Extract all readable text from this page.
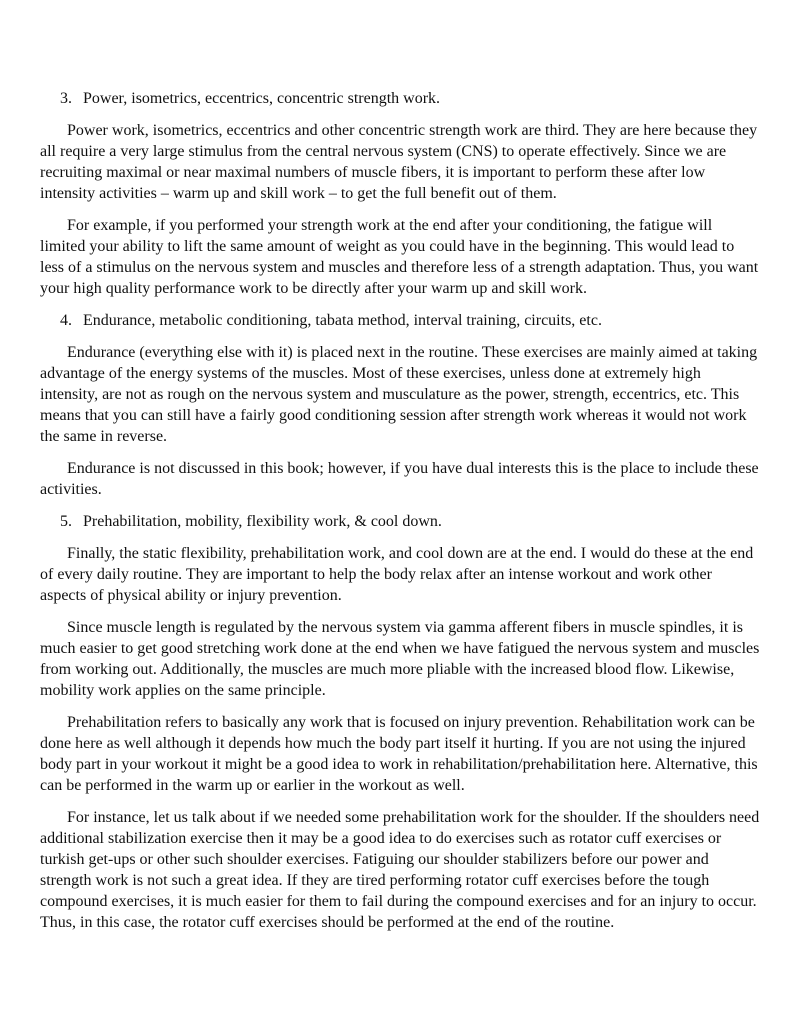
3. Power, isometrics, eccentrics, concentric strength work.

Power work, isometrics, eccentrics and other concentric strength work are third. They are here because they all require a very large stimulus from the central nervous system (CNS) to operate effectively. Since we are recruiting maximal or near maximal numbers of muscle fibers, it is important to perform these after low intensity activities – warm up and skill work – to get the full benefit out of them.

For example, if you performed your strength work at the end after your conditioning, the fatigue will limited your ability to lift the same amount of weight as you could have in the beginning. This would lead to less of a stimulus on the nervous system and muscles and therefore less of a strength adaptation. Thus, you want your high quality performance work to be directly after your warm up and skill work.

4. Endurance, metabolic conditioning, tabata method, interval training, circuits, etc.

Endurance (everything else with it) is placed next in the routine. These exercises are mainly aimed at taking advantage of the energy systems of the muscles. Most of these exercises, unless done at extremely high intensity, are not as rough on the nervous system and musculature as the power, strength, eccentrics, etc. This means that you can still have a fairly good conditioning session after strength work whereas it would not work the same in reverse.

Endurance is not discussed in this book; however, if you have dual interests this is the place to include these activities.

5. Prehabilitation, mobility, flexibility work, & cool down.

Finally, the static flexibility, prehabilitation work, and cool down are at the end. I would do these at the end of every daily routine. They are important to help the body relax after an intense workout and work other aspects of physical ability or injury prevention.

Since muscle length is regulated by the nervous system via gamma afferent fibers in muscle spindles, it is much easier to get good stretching work done at the end when we have fatigued the nervous system and muscles from working out. Additionally, the muscles are much more pliable with the increased blood flow. Likewise, mobility work applies on the same principle.

Prehabilitation refers to basically any work that is focused on injury prevention. Rehabilitation work can be done here as well although it depends how much the body part itself it hurting. If you are not using the injured body part in your workout it might be a good idea to work in rehabilitation/prehabilitation here. Alternative, this can be performed in the warm up or earlier in the workout as well.

For instance, let us talk about if we needed some prehabilitation work for the shoulder. If the shoulders need additional stabilization exercise then it may be a good idea to do exercises such as rotator cuff exercises or turkish get-ups or other such shoulder exercises. Fatiguing our shoulder stabilizers before our power and strength work is not such a great idea. If they are tired performing rotator cuff exercises before the tough compound exercises, it is much easier for them to fail during the compound exercises and for an injury to occur. Thus, in this case, the rotator cuff exercises should be performed at the end of the routine.
